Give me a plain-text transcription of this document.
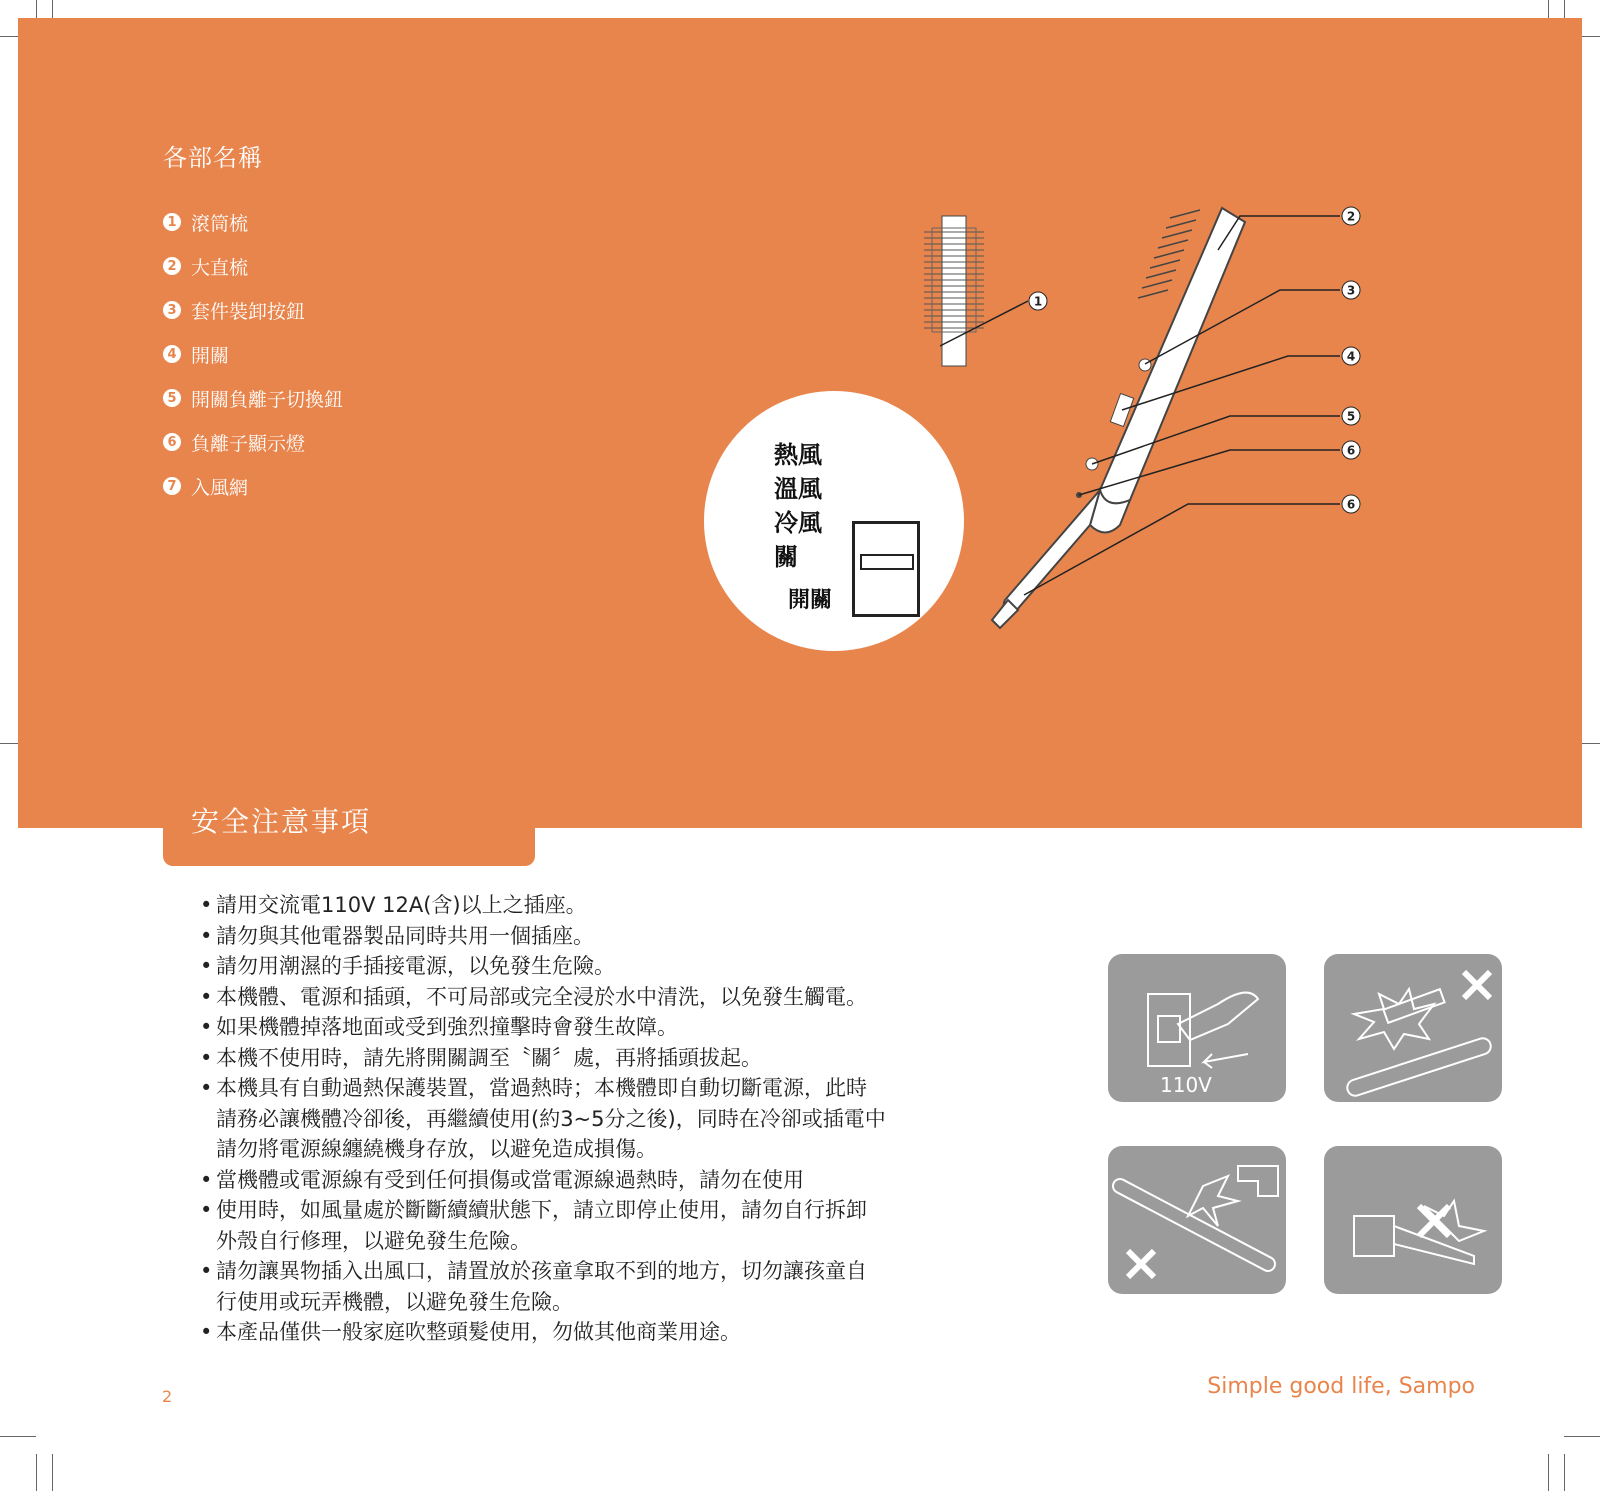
各部名稱
1 滾筒梳
2 大直梳
3 套件裝卸按鈕
4 開關
5 開關負離子切換鈕
6 負離子顯示燈
7 入風網
熱風
溫風
冷風
關
開關
1
2
3
4
5
6
6
安全注意事項
• 請用交流電110V 12A(含)以上之插座。
• 請勿與其他電器製品同時共用一個插座。
• 請勿用潮濕的手插接電源，以免發生危險。
• 本機體、電源和插頭，不可局部或完全浸於水中清洗，以免發生觸電。
• 如果機體掉落地面或受到強烈撞擊時會發生故障。
• 本機不使用時，請先將開關調至〝關〞處，再將插頭拔起。
• 本機具有自動過熱保護裝置，當過熱時；本機體即自動切斷電源，此時
請務必讓機體冷卻後，再繼續使用(約3~5分之後)，同時在冷卻或插電中
請勿將電源線纏繞機身存放，以避免造成損傷。
• 當機體或電源線有受到任何損傷或當電源線過熱時，請勿在使用
• 使用時，如風量處於斷斷續續狀態下，請立即停止使用，請勿自行拆卸
外殼自行修理，以避免發生危險。
• 請勿讓異物插入出風口，請置放於孩童拿取不到的地方，切勿讓孩童自
行使用或玩弄機體，以避免發生危險。
• 本產品僅供一般家庭吹整頭髮使用，勿做其他商業用途。
110V
2	Simple good life, Sampo
